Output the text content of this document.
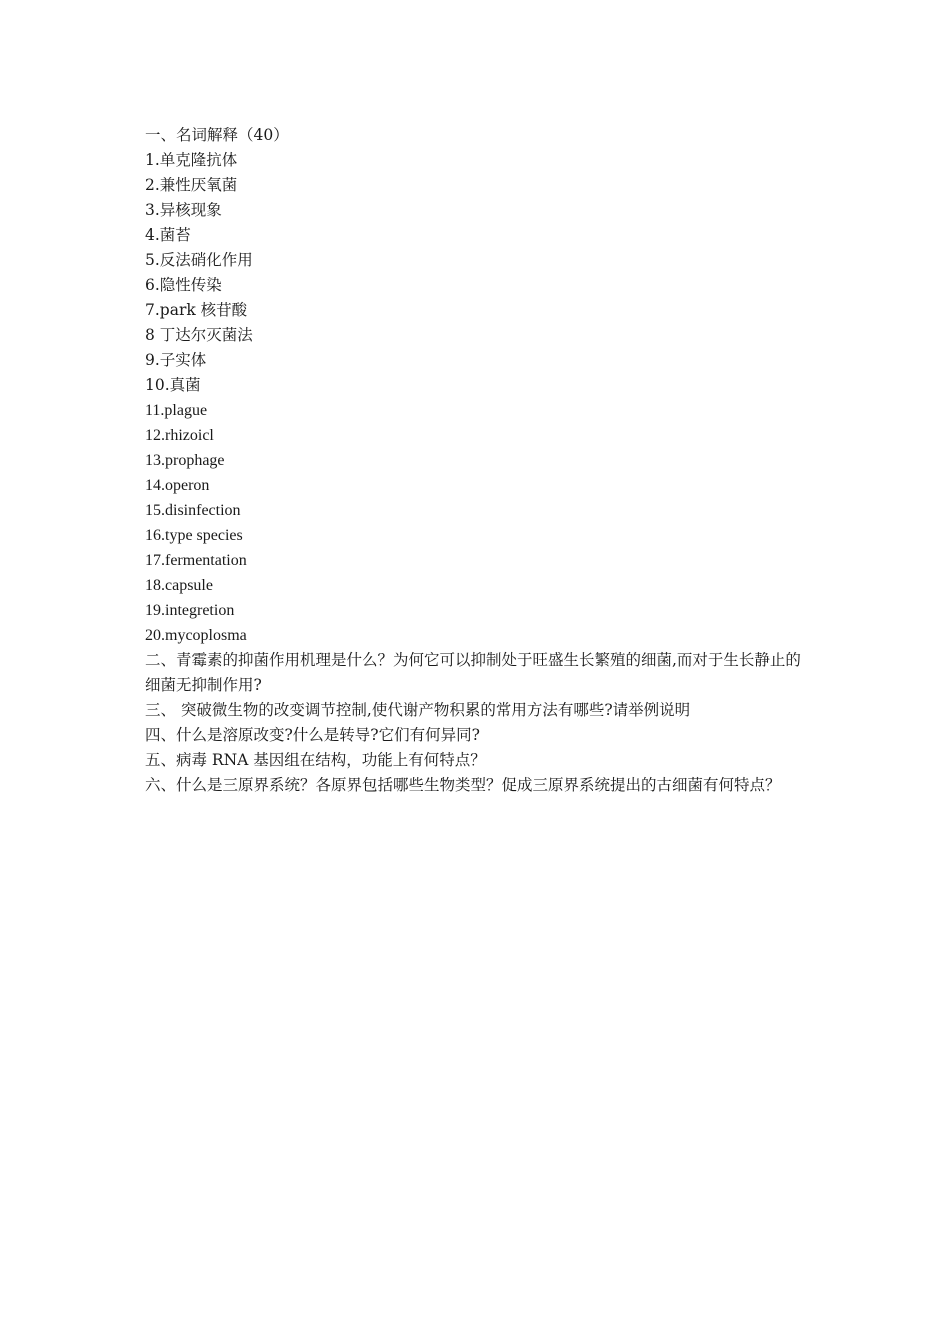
一、名词解释（40）

1.单克隆抗体

2.兼性厌氧菌

3.异核现象

4.菌苔

5.反法硝化作用

6.隐性传染

7.park 核苷酸

8 丁达尔灭菌法

9.子实体

10.真菌

11.plague

12.rhizoicl

13.prophage

14.operon

15.disinfection

16.type species

17.fermentation

18.capsule

19.integretion

20.mycoplosma

二、青霉素的抑菌作用机理是什么？为何它可以抑制处于旺盛生长繁殖的细菌,而对于生长静止的细菌无抑制作用?

三、 突破微生物的改变调节控制,使代谢产物积累的常用方法有哪些?请举例说明

四、什么是溶原改变?什么是转导?它们有何异同?

五、病毒 RNA 基因组在结构，功能上有何特点？

六、什么是三原界系统？各原界包括哪些生物类型？促成三原界系统提出的古细菌有何特点？
